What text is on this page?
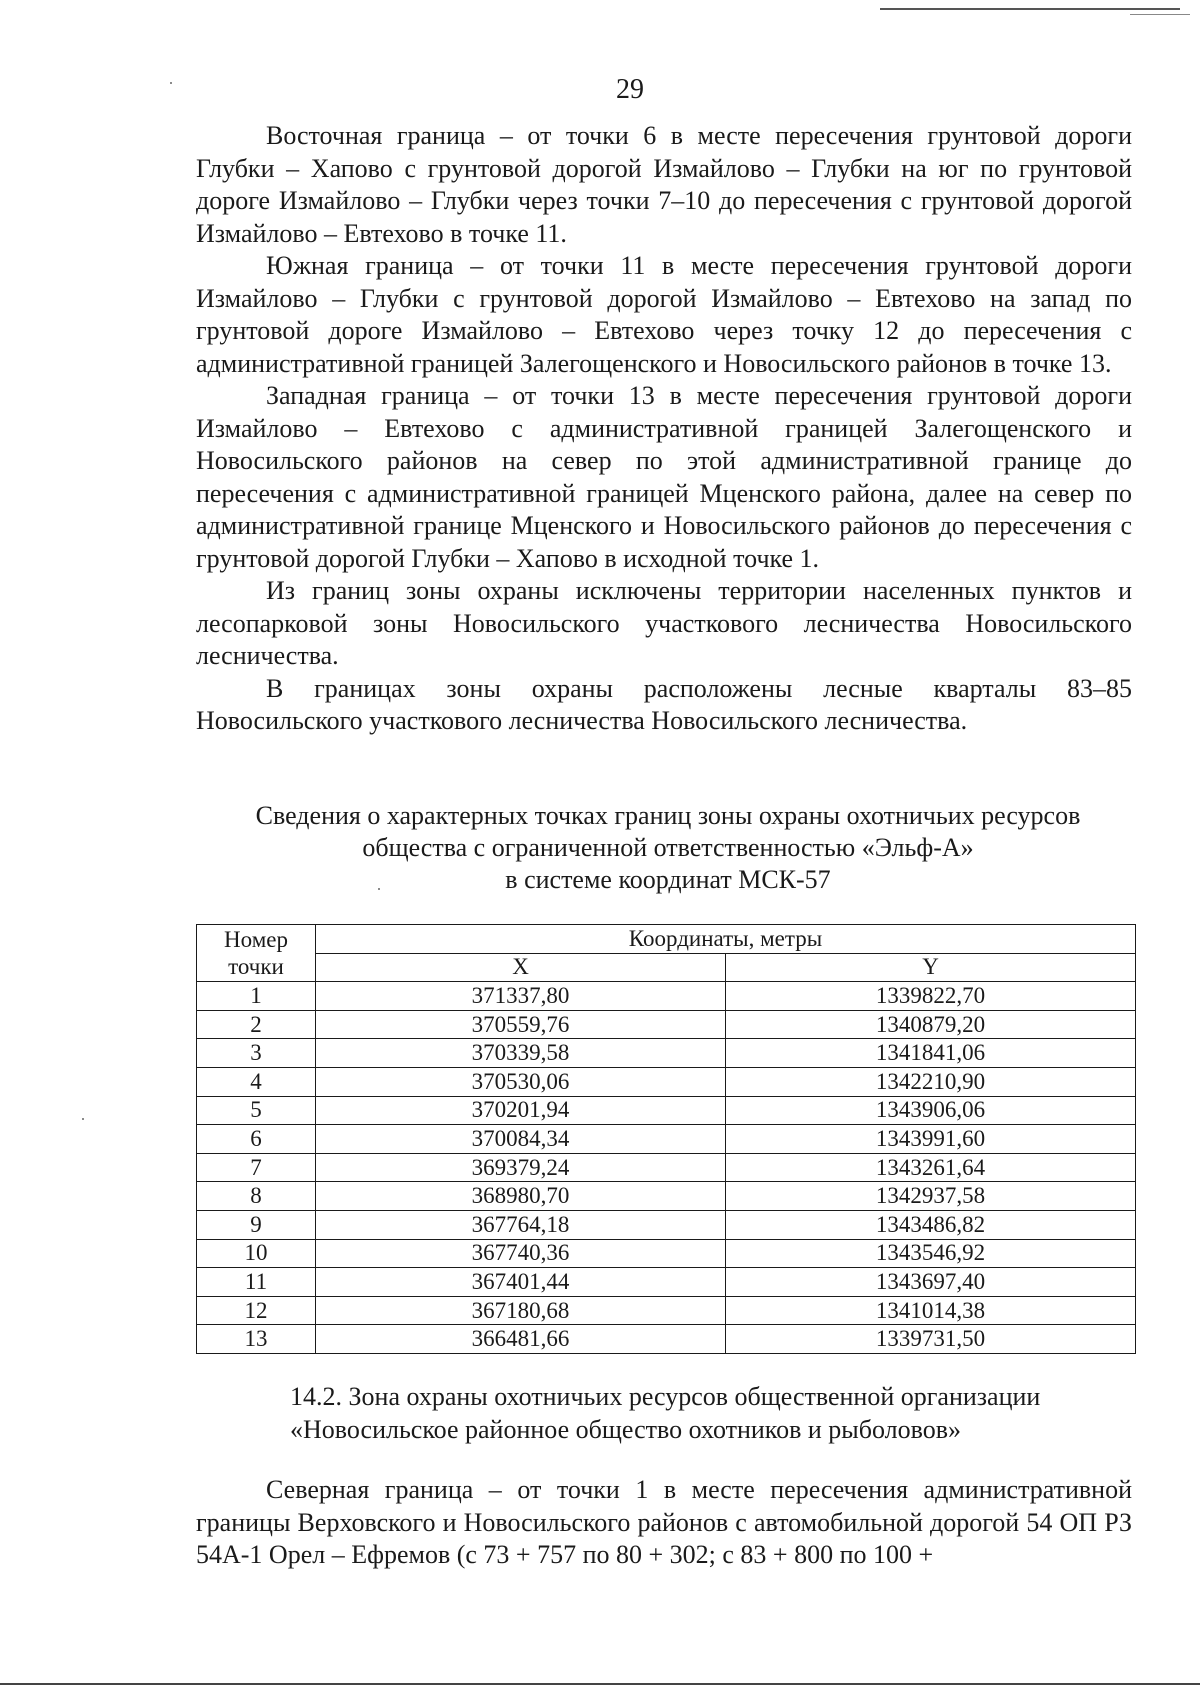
29

Восточная граница – от точки 6 в месте пересечения грунтовой дороги Глубки – Хапово с грунтовой дорогой Измайлово – Глубки на юг по грунтовой дороге Измайлово – Глубки через точки 7–10 до пересечения с грунтовой дорогой Измайлово – Евтехово в точке 11.

Южная граница – от точки 11 в месте пересечения грунтовой дороги Измайлово – Глубки с грунтовой дорогой Измайлово – Евтехово на запад по грунтовой дороге Измайлово – Евтехово через точку 12 до пересечения с административной границей Залегощенского и Новосильского районов в точке 13.

Западная граница – от точки 13 в месте пересечения грунтовой дороги Измайлово – Евтехово с административной границей Залегощенского и Новосильского районов на север по этой административной границе до пересечения с административной границей Мценского района, далее на север по административной границе Мценского и Новосильского районов до пересечения с грунтовой дорогой Глубки – Хапово в исходной точке 1.

Из границ зоны охраны исключены территории населенных пунктов и лесопарковой зоны Новосильского участкового лесничества Новосильского лесничества.

В границах зоны охраны расположены лесные кварталы 83–85 Новосильского участкового лесничества Новосильского лесничества.

Сведения о характерных точках границ зоны охраны охотничьих ресурсов
общества с ограниченной ответственностью «Эльф-А»
в системе координат МСК-57
Номер точки	Координаты, метры	
	X	Y
1	371337,80	1339822,70
2	370559,76	1340879,20
3	370339,58	1341841,06
4	370530,06	1342210,90
5	370201,94	1343906,06
6	370084,34	1343991,60
7	369379,24	1343261,64
8	368980,70	1342937,58
9	367764,18	1343486,82
10	367740,36	1343546,92
11	367401,44	1343697,40
12	367180,68	1341014,38
13	366481,66	1339731,50
14.2. Зона охраны охотничьих ресурсов общественной организации
«Новосильское районное общество охотников и рыболовов»

Северная граница – от точки 1 в месте пересечения административной границы Верховского и Новосильского районов с автомобильной дорогой 54 ОП РЗ 54А-1 Орел – Ефремов (с 73 + 757 по 80 + 302; с 83 + 800 по 100 +
